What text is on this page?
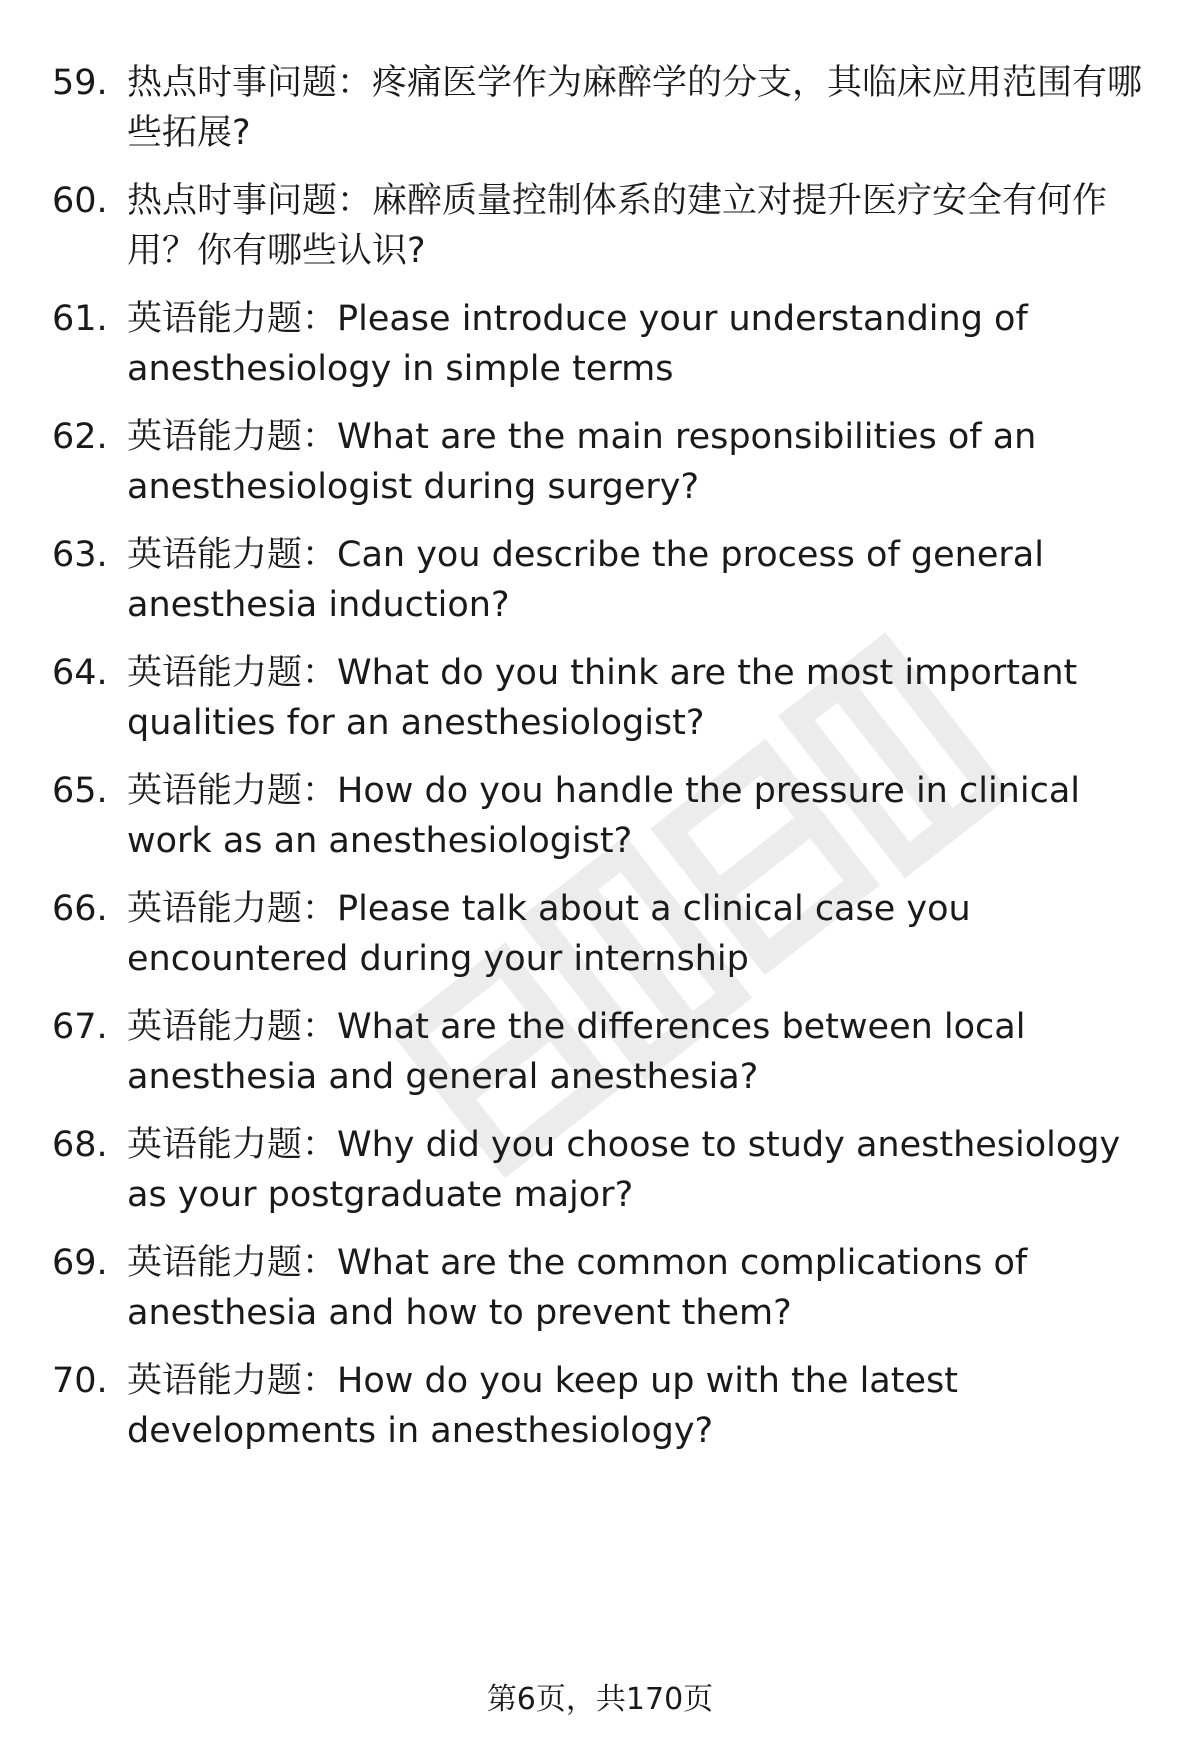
59. 热点时事问题：疼痛医学作为麻醉学的分支，其临床应用范围有哪些拓展?
60. 热点时事问题：麻醉质量控制体系的建立对提升医疗安全有何作用？你有哪些认识?
61. 英语能力题：Please introduce your understanding of anesthesiology in simple terms
62. 英语能力题：What are the main responsibilities of an anesthesiologist during surgery?
63. 英语能力题：Can you describe the process of general anesthesia induction?
64. 英语能力题：What do you think are the most important qualities for an anesthesiologist?
65. 英语能力题：How do you handle the pressure in clinical work as an anesthesiologist?
66. 英语能力题：Please talk about a clinical case you encountered during your internship
67. 英语能力题：What are the differences between local anesthesia and general anesthesia?
68. 英语能力题：Why did you choose to study anesthesiology as your postgraduate major?
69. 英语能力题：What are the common complications of anesthesia and how to prevent them?
70. 英语能力题：How do you keep up with the latest developments in anesthesiology?
第6页，共170页
